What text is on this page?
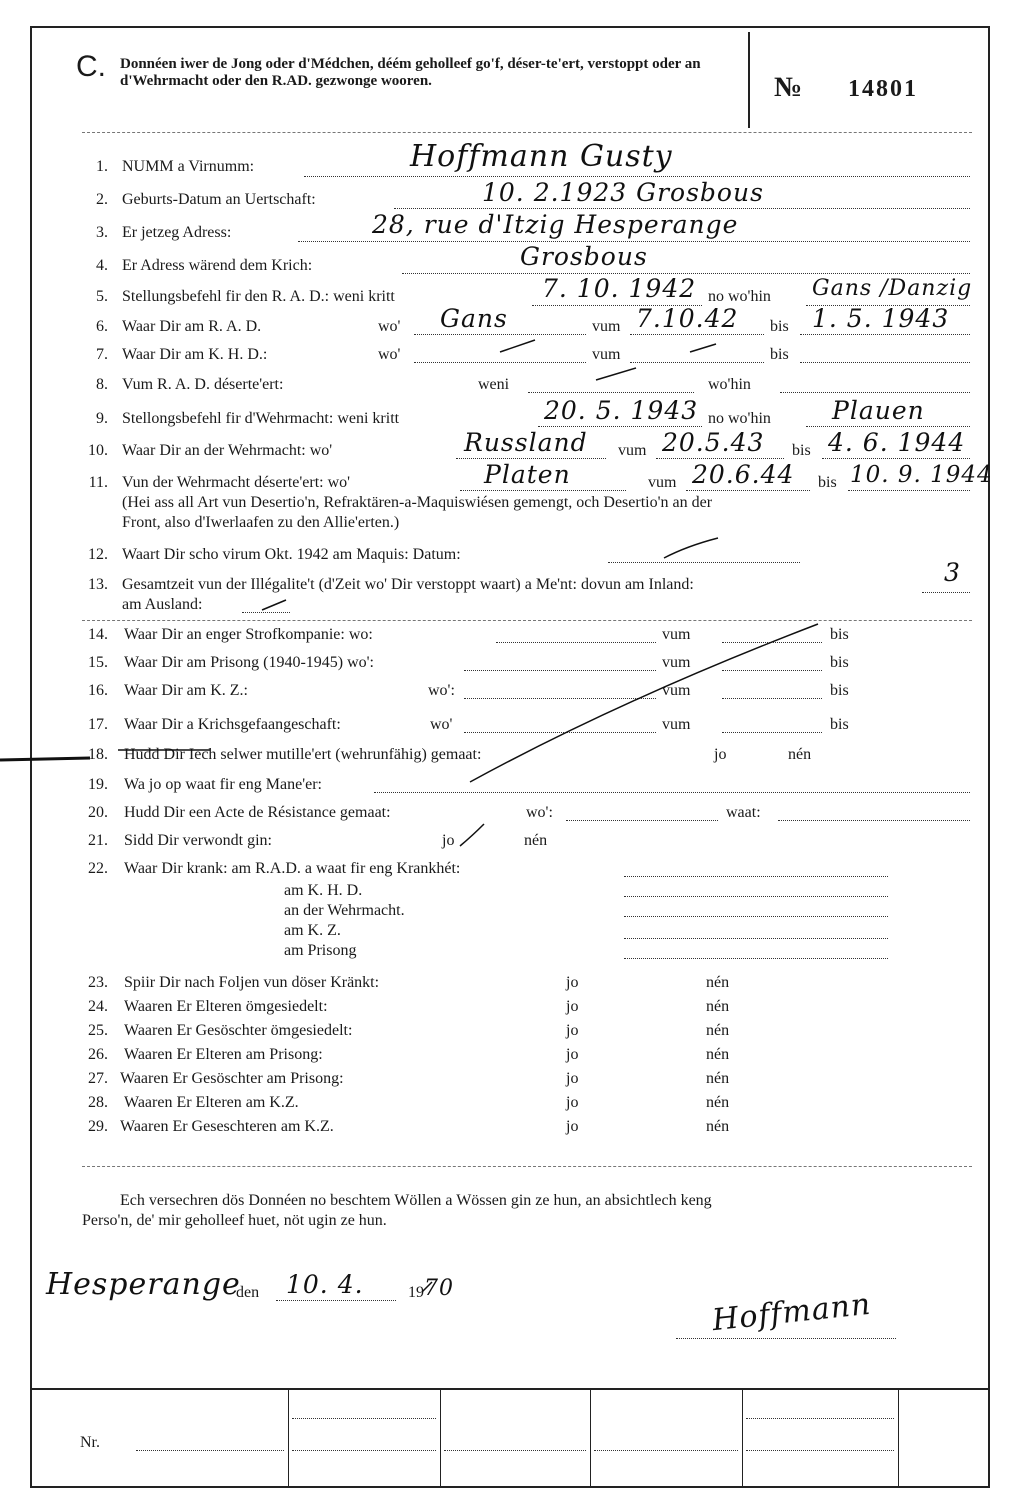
C. Donnéen iwer de Jong oder d'Médchen, déém geholleef go'f, déser-te'ert, verstoppt oder an d'Wehrmacht oder den R.AD. gezwonge wooren.	№ 14801
1. NUMM a Virnumm:	Hoffmann Gusty
2. Geburts-Datum an Uertschaft:	10. 2.1923 Grosbous
3. Er jetzeg Adress:	28, rue d'Itzig Hesperange
4. Er Adress wärend dem Krich:	Grosbous
5. Stellungsbefehl fir den R. A. D.: weni kritt	7. 10. 1942 no wo'hin Gans /Danzig
6. Waar Dir am R. A. D.	wo' Gans	vum 7.10.42 bis 1. 5. 1943
7. Waar Dir am K. H. D.:	wo'	vum	bis
8. Vum R. A. D. déserte'ert:	weni	wo'hin
9. Stellongsbefehl fir d'Wehrmacht: weni kritt	20. 5. 1943 no wo'hin Plauen
10. Waar Dir an der Wehrmacht: wo'	Russland vum 20.5.43 bis 4. 6. 1944
11. Vun der Wehrmacht déserte'ert: wo'	Platen	vum 20.6.44 bis 10. 9. 1944
(Hei ass all Art vun Desertio'n, Refraktären-a-Maquiswiésen gemengt, och Desertio'n an der
Front, also d'Iwerlaafen zu den Allie'erten.)
12. Waart Dir scho virum Okt. 1942 am Maquis: Datum:
13. Gesamtzeit vun der Illégalite't (d'Zeit wo' Dir verstoppt waart) a Me'nt: dovun am Inland:	3
am Ausland:
14. Waar Dir an enger Strofkompanie: wo:	vum	bis
15. Waar Dir am Prisong (1940-1945) wo':	vum	bis
16. Waar Dir am K. Z.:	wo':	vum	bis
17. Waar Dir a Krichsgefaangeschaft:	wo'	vum	bis
18. Hudd Dir Iech selwer mutille'ert (wehrunfähig) gemaat:	jo	nén
19. Wa jo op waat fir eng Mane'er:
20. Hudd Dir een Acte de Résistance gemaat:	wo':	waat:
21. Sidd Dir verwondt gin:	jo	nén
22. Waar Dir krank: am R.A.D. a waat fir eng Krankhét:
am K. H. D.
an der Wehrmacht.
am K. Z.
am Prisong
23. Spiir Dir nach Foljen vun döser Kränkt:	jo	nén
24. Waaren Er Elteren ömgesiedelt:	jo	nén
25. Waaren Er Gesöschter ömgesiedelt:	jo	nén
26. Waaren Er Elteren am Prisong:	jo	nén
27. Waaren Er Gesöschter am Prisong:	jo	nén
28. Waaren Er Elteren am K.Z.	jo	nén
29. Waaren Er Geseschteren am K.Z.	jo	nén
Ech versechren dös Donnéen no beschtem Wöllen a Wössen gin ze hun, an absichtlech keng
Perso'n, de' mir geholleef huet, nöt ugin ze hun.
Hesperange
den 10. 4.	19 70	Hoffmann
Nr.
